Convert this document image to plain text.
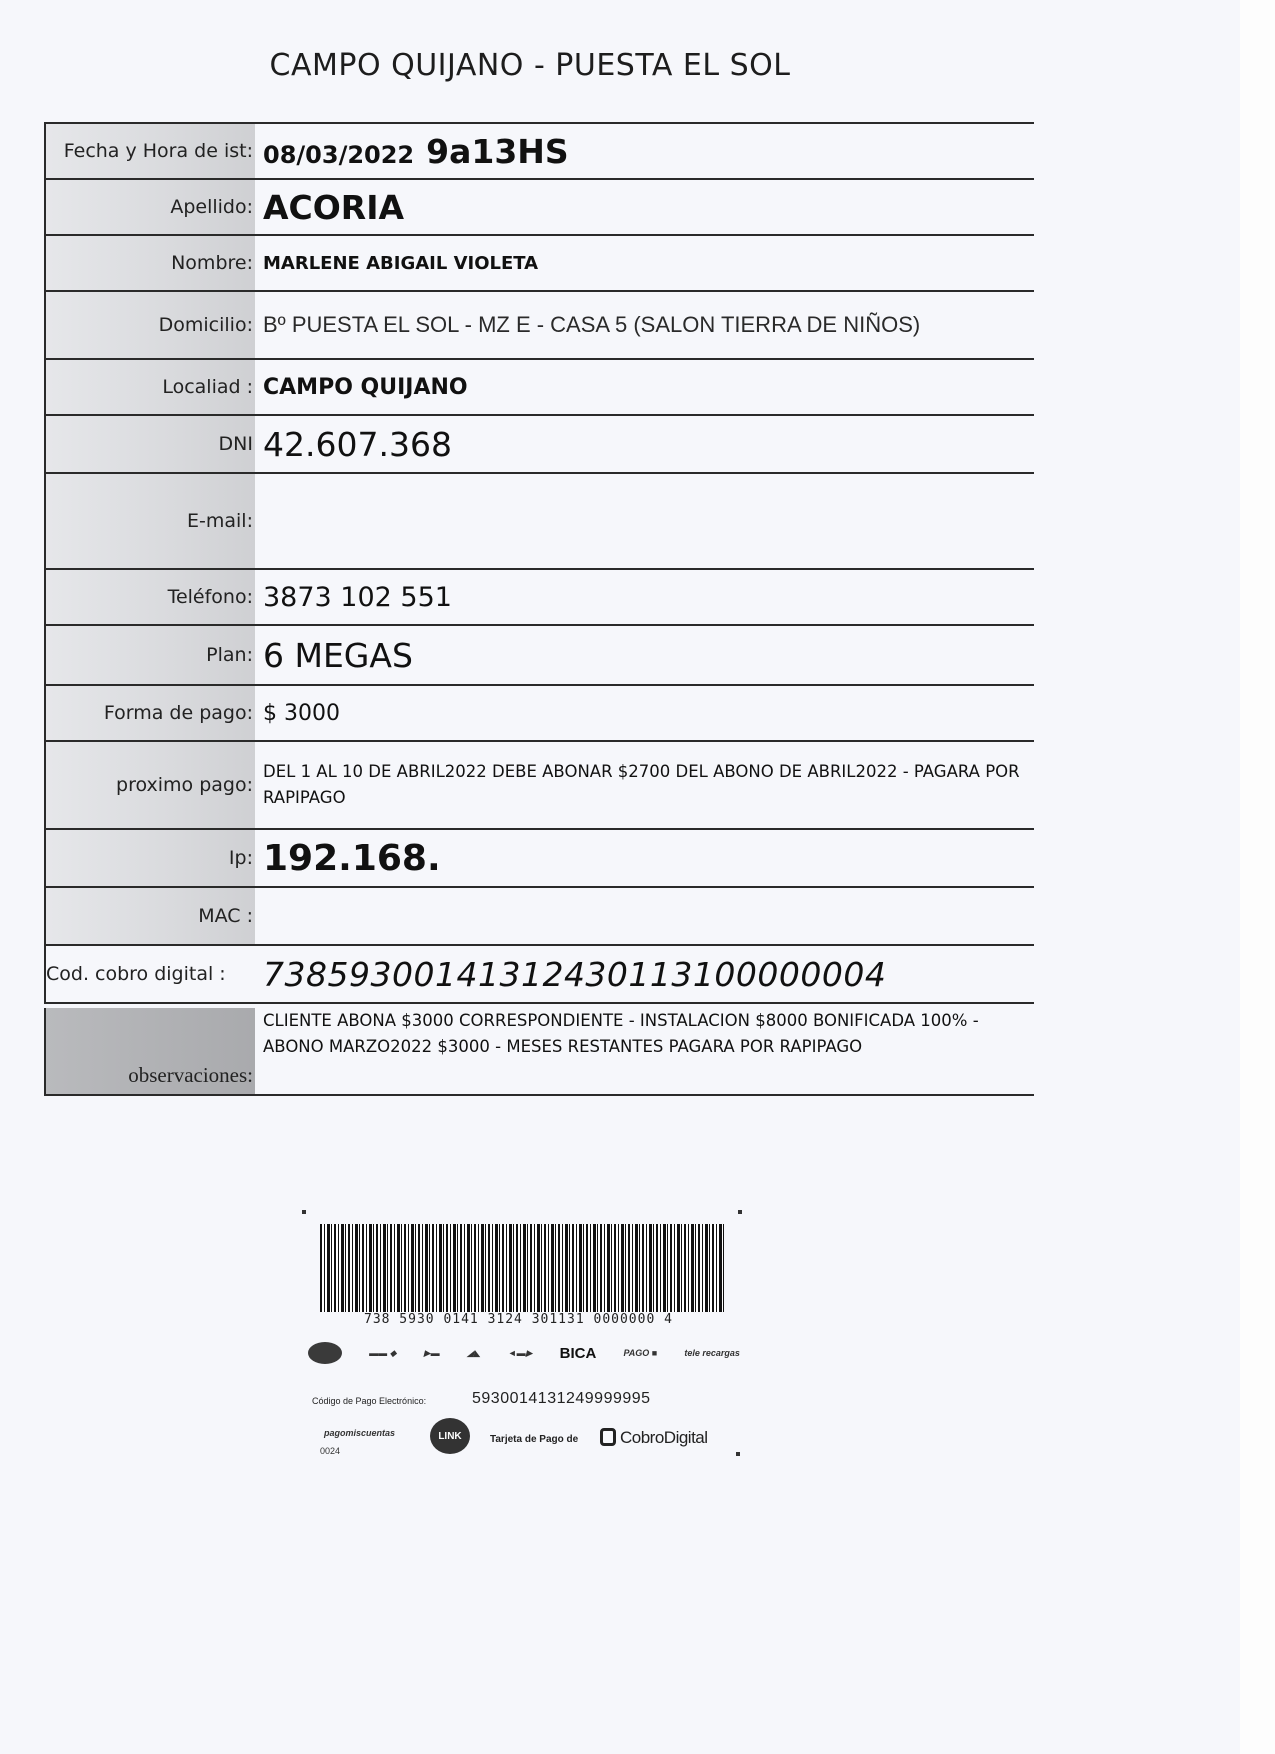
CAMPO QUIJANO - PUESTA EL SOL
Fecha y Hora de ist: 08/03/2022 9a13HS
Apellido: ACORIA
Nombre: MARLENE ABIGAIL VIOLETA
Domicilio: Bº PUESTA EL SOL - MZ E - CASA 5 (SALON TIERRA DE NIÑOS)
Localiad : CAMPO QUIJANO
DNI 42.607.368
E-mail:
Teléfono: 3873 102 551
Plan: 6 MEGAS
Forma de pago: $ 3000
proximo pago:
DEL 1 AL 10 DE ABRIL2022 DEBE ABONAR $2700 DEL ABONO DE ABRIL2022 - PAGARA POR RAPIPAGO
Ip: 192.168.
MAC :
Cod. cobro digital :	73859300141312430113100000004
observaciones:
CLIENTE ABONA $3000 CORRESPONDIENTE - INSTALACION $8000 BONIFICADA 100% - ABONO MARZO2022 $3000 - MESES RESTANTES PAGARA POR RAPIPAGO
738 5930 0141 3124 301131 0000000 4
▬▬ ◆	▶▬	◢◣	◄▬▶ BICA	PAGO ■	tele recargas
Código de Pago Electrónico:	5930014131249999995
pagomiscuentas
0024
LINK	Tarjeta de Pago de CobroDigital
